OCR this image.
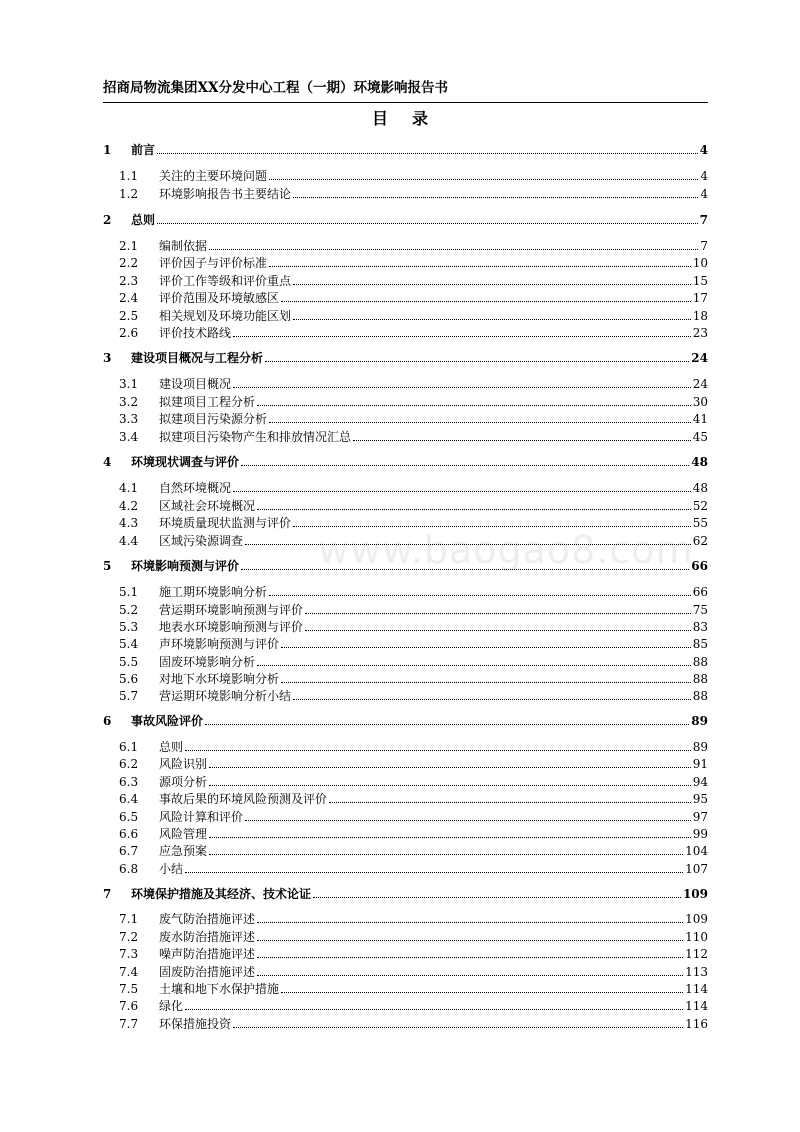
招商局物流集团XX分发中心工程（一期）环境影响报告书
目录
www.baogao8.com
1	前言	4
1.1	关注的主要环境问题	4
1.2	环境影响报告书主要结论	4
2	总则	7
2.1	编制依据	7
2.2	评价因子与评价标准	10
2.3	评价工作等级和评价重点	15
2.4	评价范围及环境敏感区	17
2.5	相关规划及环境功能区划	18
2.6	评价技术路线	23
3	建设项目概况与工程分析	24
3.1	建设项目概况	24
3.2	拟建项目工程分析	30
3.3	拟建项目污染源分析	41
3.4	拟建项目污染物产生和排放情况汇总	45
4	环境现状调查与评价	48
4.1	自然环境概况	48
4.2	区域社会环境概况	52
4.3	环境质量现状监测与评价	55
4.4	区域污染源调查	62
5	环境影响预测与评价	66
5.1	施工期环境影响分析	66
5.2	营运期环境影响预测与评价	75
5.3	地表水环境影响预测与评价	83
5.4	声环境影响预测与评价	85
5.5	固废环境影响分析	88
5.6	对地下水环境影响分析	88
5.7	营运期环境影响分析小结	88
6	事故风险评价	89
6.1	总则	89
6.2	风险识别	91
6.3	源项分析	94
6.4	事故后果的环境风险预测及评价	95
6.5	风险计算和评价	97
6.6	风险管理	99
6.7	应急预案	104
6.8	小结	107
7	环境保护措施及其经济、技术论证	109
7.1	废气防治措施评述	109
7.2	废水防治措施评述	110
7.3	噪声防治措施评述	112
7.4	固废防治措施评述	113
7.5	土壤和地下水保护措施	114
7.6	绿化	114
7.7	环保措施投资	116
